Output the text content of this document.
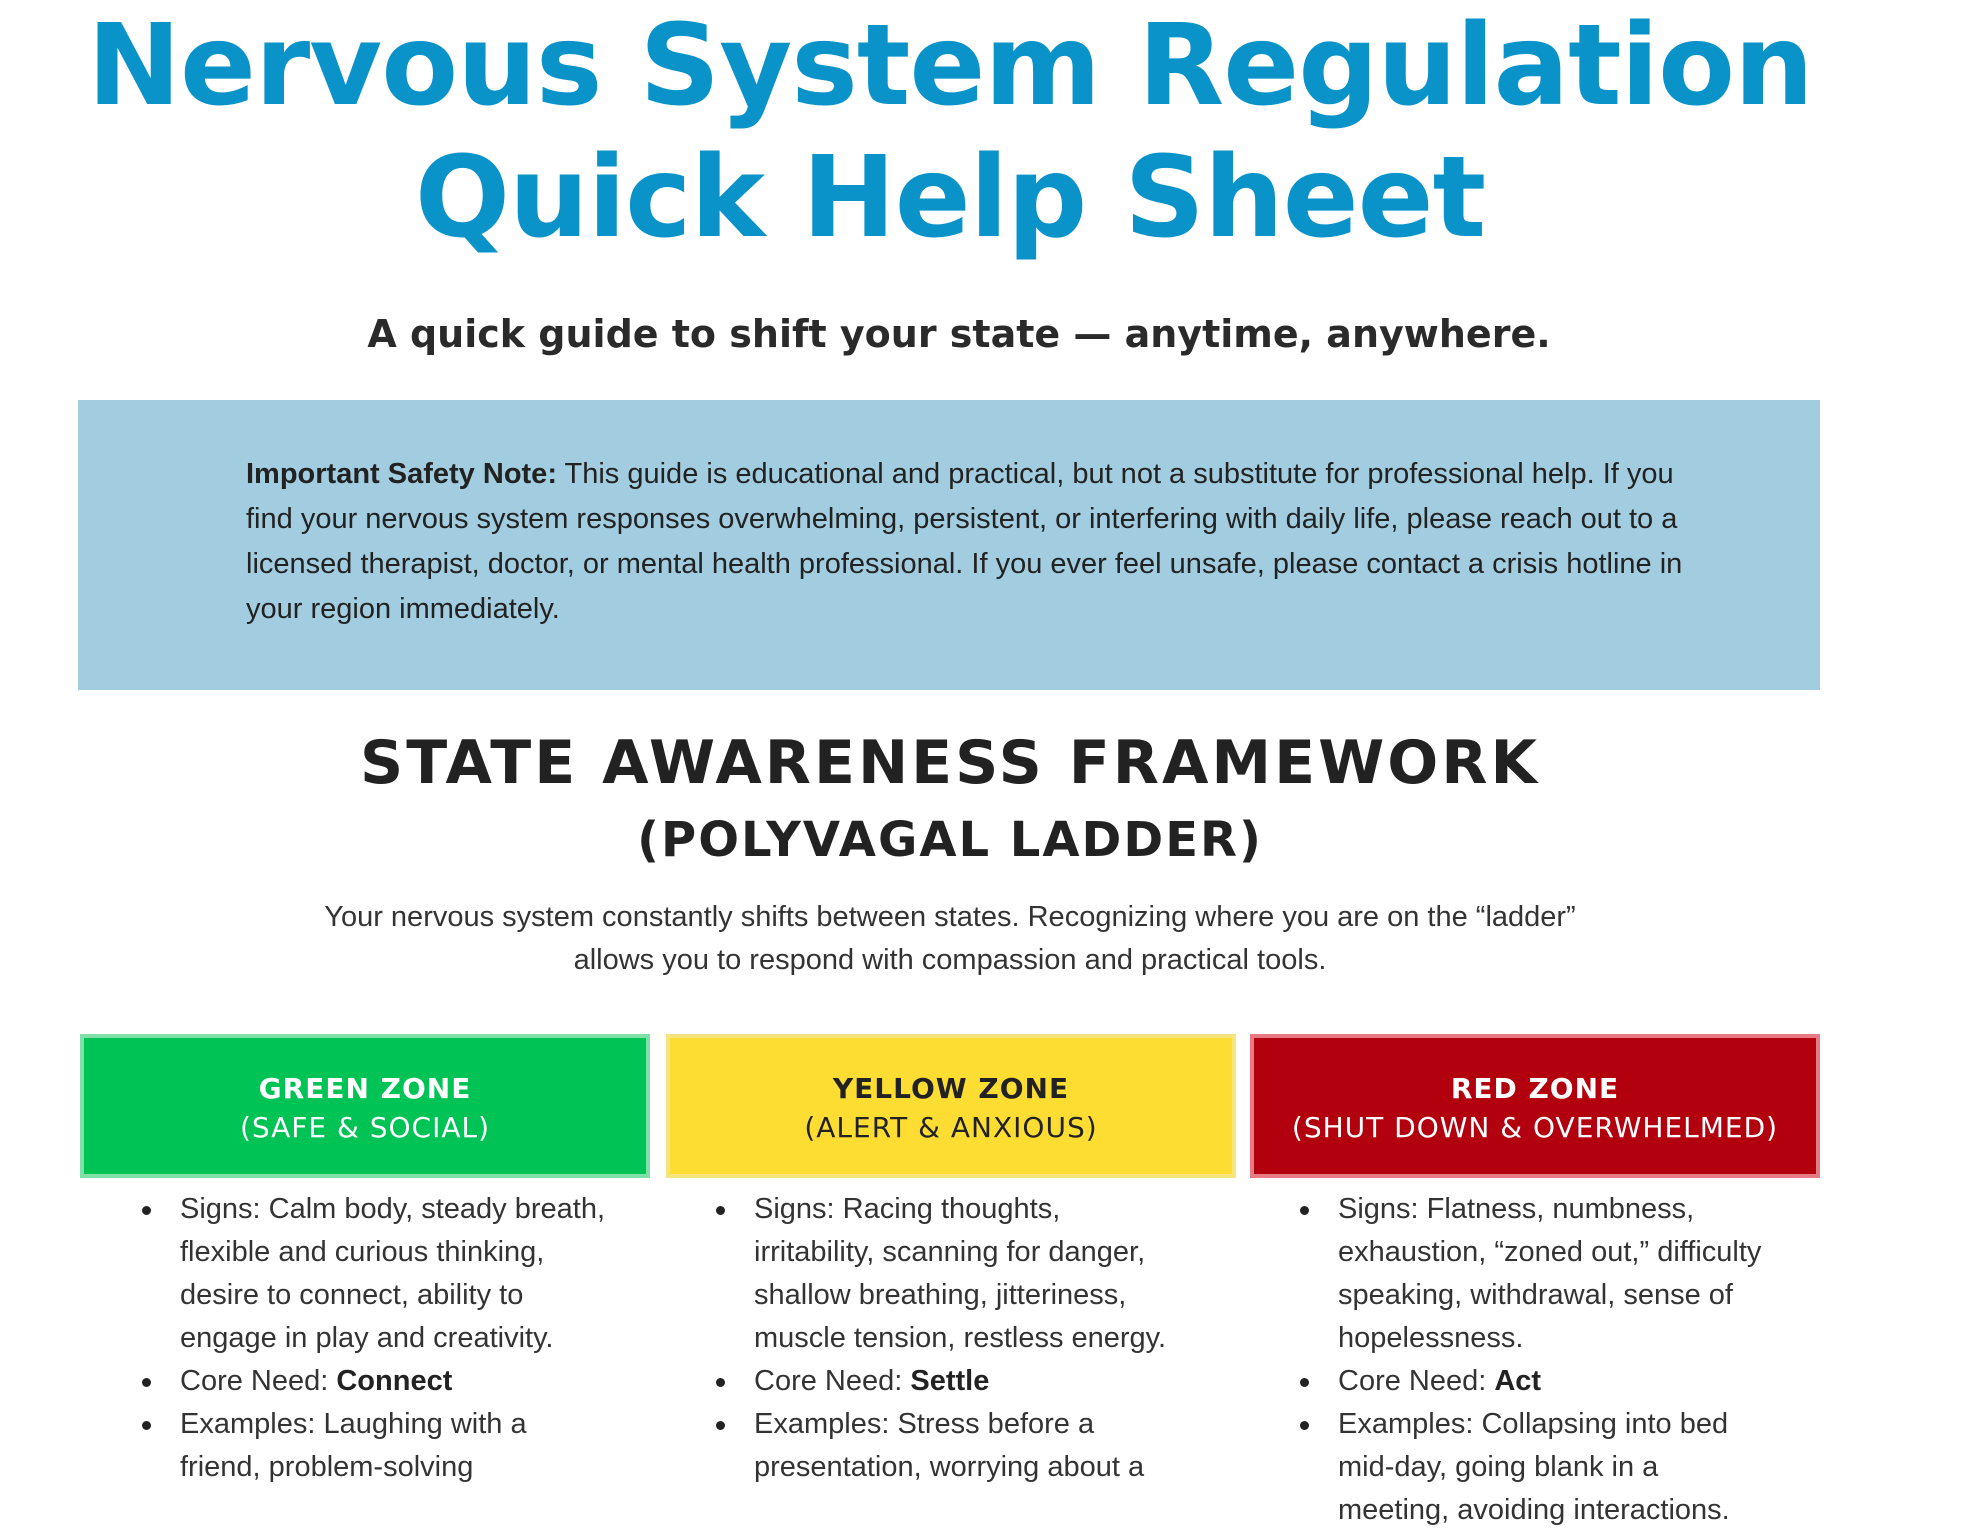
Nervous System Regulation
Quick Help Sheet
A quick guide to shift your state — anytime, anywhere.
Important Safety Note: This guide is educational and practical, but not a substitute for professional help. If you find your nervous system responses overwhelming, persistent, or interfering with daily life, please reach out to a licensed therapist, doctor, or mental health professional. If you ever feel unsafe, please contact a crisis hotline in your region immediately.
STATE AWARENESS FRAMEWORK
(POLYVAGAL LADDER)
Your nervous system constantly shifts between states. Recognizing where you are on the “ladder” allows you to respond with compassion and practical tools.
GREEN ZONE
(SAFE & SOCIAL)
YELLOW ZONE
(ALERT & ANXIOUS)
RED ZONE
(SHUT DOWN & OVERWHELMED)
Signs: Calm body, steady breath, flexible and curious thinking, desire to connect, ability to engage in play and creativity.
Core Need: Connect
Examples: Laughing with a friend, problem-solving
Signs: Racing thoughts, irritability, scanning for danger, shallow breathing, jitteriness, muscle tension, restless energy.
Core Need: Settle
Examples: Stress before a presentation, worrying about a
Signs: Flatness, numbness, exhaustion, “zoned out,” difficulty speaking, withdrawal, sense of hopelessness.
Core Need: Act
Examples: Collapsing into bed mid-day, going blank in a meeting, avoiding interactions.
